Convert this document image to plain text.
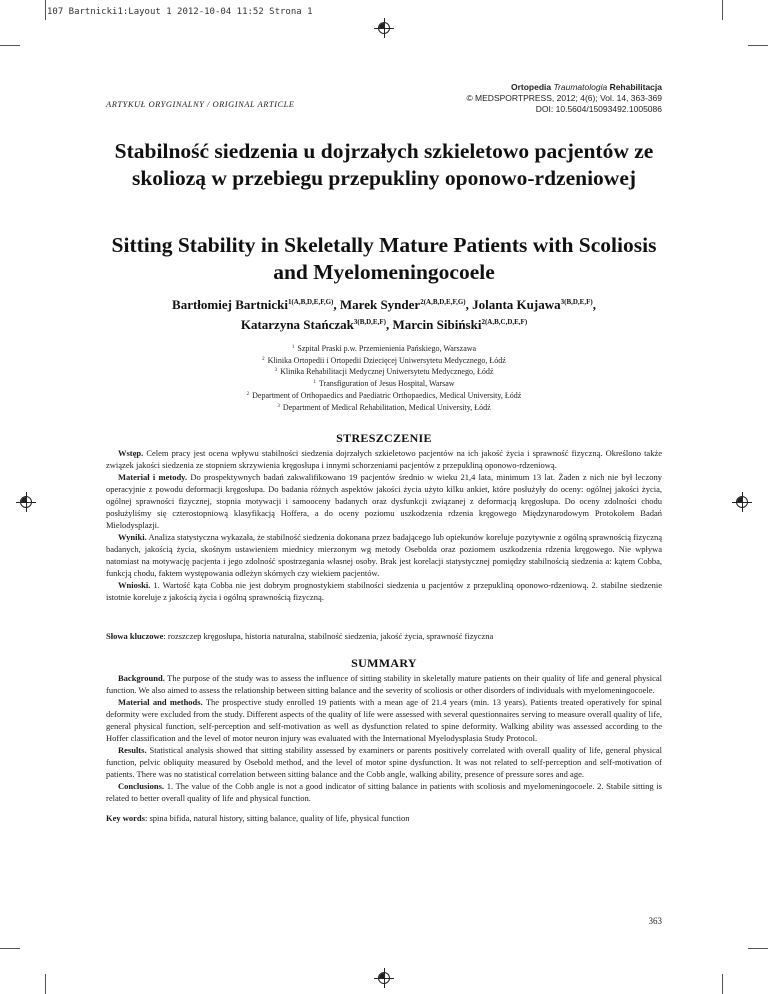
107 Bartnicki1:Layout 1 2012-10-04 11:52 Strona 1
ARTYKUŁ ORYGINALNY / ORIGINAL ARTICLE
Ortopedia Traumatologia Rehabilitacja
© MEDSPORTPRESS, 2012; 4(6); Vol. 14, 363-369
DOI: 10.5604/15093492.1005086
Stabilność siedzenia u dojrzałych szkieletowo pacjentów ze skoliozą w przebiegu przepukliny oponowo-rdzeniowej
Sitting Stability in Skeletally Mature Patients with Scoliosis and Myelomeningocoele
Bartłomiej Bartnicki$^{1(A,B,D,E,F,G)}$, Marek Synder$^{2(A,B,D,E,F,G)}$, Jolanta Kujawa$^{3(B,D,E,F)}$,
Katarzyna Stańczak$^{3(B,D,E,F)}$, Marcin Sibiński$^{2(A,B,C,D,E,F)}$
$^1$ Szpital Praski p.w. Przemienienia Pańskiego, Warszawa
$^2$ Klinika Ortopedii i Ortopedii Dziecięcej Uniwersytetu Medycznego, Łódź
$^3$ Klinika Rehabilitacji Medycznej Uniwersytetu Medycznego, Łódź
$^1$ Transfiguration of Jesus Hospital, Warsaw
$^2$ Department of Orthopaedics and Paediatric Orthopaedics, Medical University, Łódź
$^3$ Department of Medical Rehabilitation, Medical University, Łódź
STRESZCZENIE

Wstęp. Celem pracy jest ocena wpływu stabilności siedzenia dojrzałych szkieletowo pacjentów na ich jakość życia i sprawność fizyczną. Określono także związek jakości siedzenia ze stopniem skrzywienia kręgosłupa i innymi schorzeniami pacjentów z przepukliną oponowo-rdzeniową.

Materiał i metody. Do prospektywnych badań zakwalifikowano 19 pacjentów średnio w wieku 21,4 lata, minimum 13 lat. Żaden z nich nie był leczony operacyjnie z powodu deformacji kręgosłupa. Do badania różnych aspektów jakości życia użyto kilku ankiet, które posłużyły do oceny: ogólnej jakości życia, ogólnej sprawności fizycznej, stopnia motywacji i samooceny badanych oraz dysfunkcji związanej z deformacją kręgosłupa. Do oceny zdolności chodu posłużyliśmy się czterostopniową klasyfikacją Hoffera, a do oceny poziomu uszkodzenia rdzenia kręgowego Międzynarodowym Protokołem Badań Mielodysplazji.

Wyniki. Analiza statystyczna wykazała, że stabilność siedzenia dokonana przez badającego lub opiekunów koreluje pozytywnie z ogólną sprawnością fizyczną badanych, jakością życia, skośnym ustawieniem miednicy mierzonym wg metody Osebolda oraz poziomem uszkodzenia rdzenia kręgowego. Nie wpływa natomiast na motywację pacjenta i jego zdolność spostrzegania własnej osoby. Brak jest korelacji statystycznej pomiędzy stabilnością siedzenia a: kątem Cobba, funkcją chodu, faktem występowania odleżyn skórnych czy wiekiem pacjentów.

Wnioski. 1. Wartość kąta Cobba nie jest dobrym prognostykiem stabilności siedzenia u pacjentów z przepukliną oponowo-rdzeniową. 2. stabilne siedzenie istotnie koreluje z jakością życia i ogólną sprawnością fizyczną.

Słowa kluczowe: rozszczep kręgosłupa, historia naturalna, stabilność siedzenia, jakość życia, sprawność fizyczna
SUMMARY

Background. The purpose of the study was to assess the influence of sitting stability in skeletally mature patients on their quality of life and general physical function. We also aimed to assess the relationship between sitting balance and the severity of scoliosis or other disorders of individuals with myelomeningocoele.

Material and methods. The prospective study enrolled 19 patients with a mean age of 21.4 years (min. 13 years). Patients treated operatively for spinal deformity were excluded from the study. Different aspects of the quality of life were assessed with several questionnaires serving to measure overall quality of life, general physical function, self-perception and self-motivation as well as dysfunction related to spine deformity. Walking ability was assessed according to the Hoffer classification and the level of motor neuron injury was evaluated with the International Myelodysplasia Study Protocol.

Results. Statistical analysis showed that sitting stability assessed by examiners or parents positively correlated with overall quality of life, general physical function, pelvic obliquity measured by Osebold method, and the level of motor spine dysfunction. It was not related to self-perception and self-motivation of patients. There was no statistical correlation between sitting balance and the Cobb angle, walking ability, presence of pressure sores and age.

Conclusions. 1. The value of the Cobb angle is not a good indicator of sitting balance in patients with scoliosis and myelomeningocoele. 2. Stabile sitting is related to better overall quality of life and physical function.

Key words: spina bifida, natural history, sitting balance, quality of life, physical function
363
